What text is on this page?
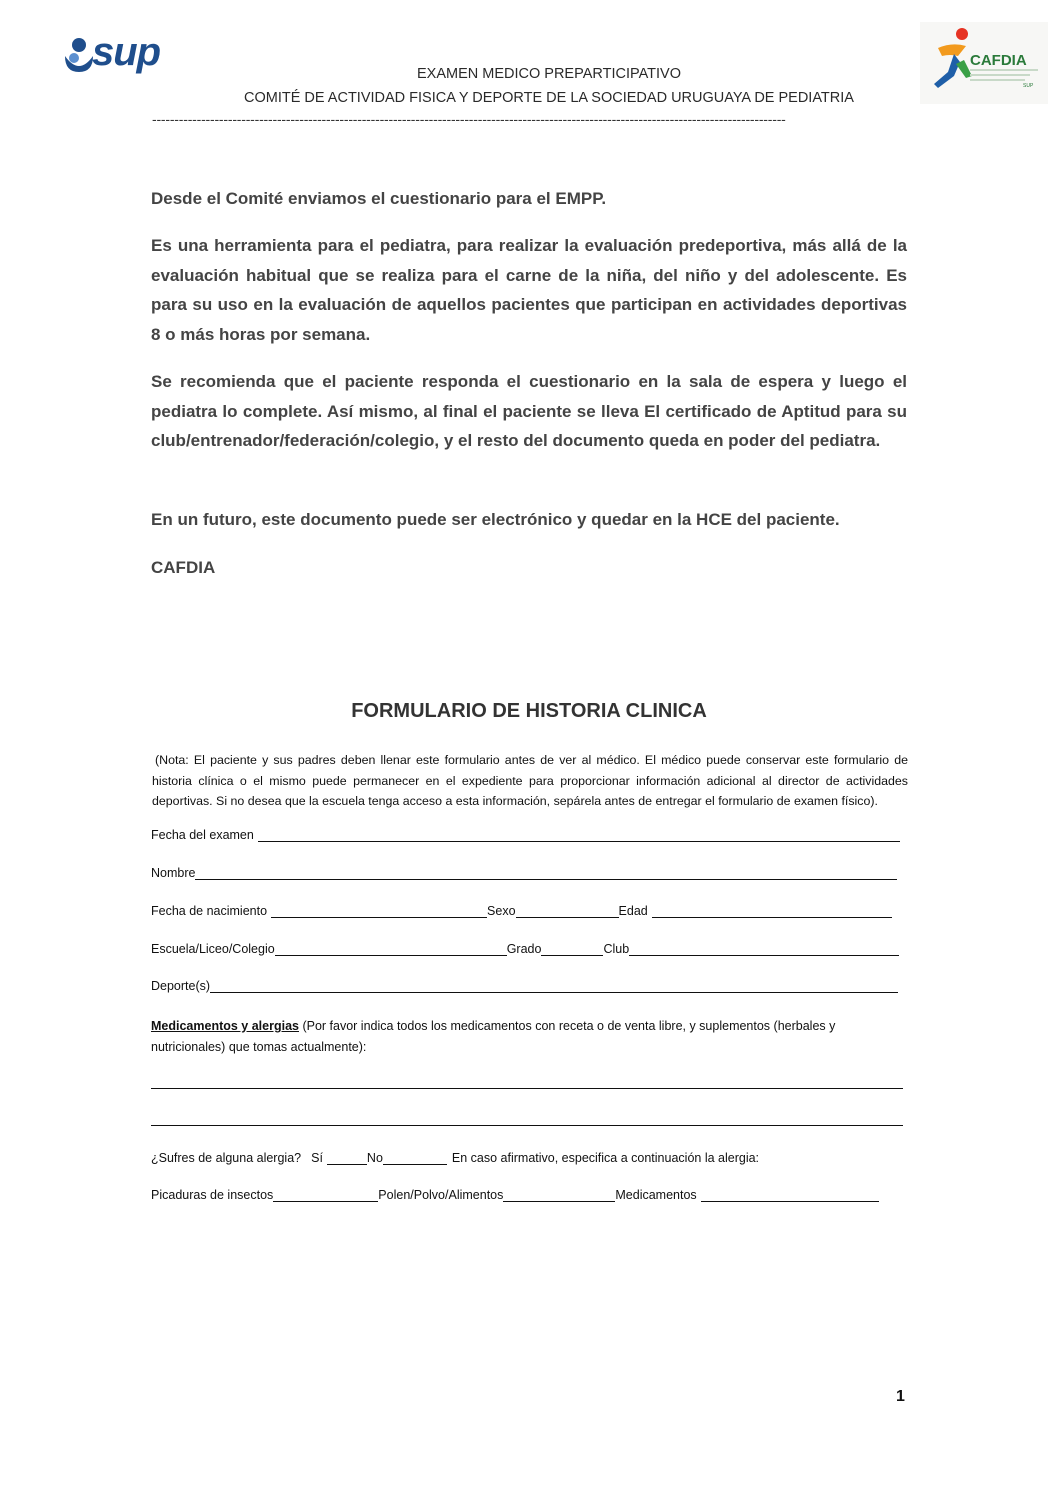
sup	CAFDIA
SUP
EXAMEN MEDICO PREPARTICIPATIVO
COMITÉ DE ACTIVIDAD FISICA Y DEPORTE DE LA SOCIEDAD URUGUAYA DE PEDIATRIA
----------------------------------------------------------------------------------------------------------------------------------------------
Desde el Comité enviamos el cuestionario para el EMPP.
Es una herramienta para el pediatra, para realizar la evaluación predeportiva, más allá de la evaluación habitual que se realiza para el carne de la niña, del niño y del adolescente. Es para su uso en la evaluación de aquellos pacientes que participan en actividades deportivas 8 o más horas por semana.
Se recomienda que el paciente responda el cuestionario en la sala de espera y luego el pediatra lo complete. Así mismo, al final el paciente se lleva El certificado de Aptitud para su club/entrenador/federación/colegio, y el resto del documento queda en poder del pediatra.
En un futuro, este documento puede ser electrónico y quedar en la HCE del paciente.
CAFDIA
FORMULARIO DE HISTORIA CLINICA
(Nota: El paciente y sus padres deben llenar este formulario antes de ver al médico. El médico puede conservar este formulario de historia clínica o el mismo puede permanecer en el expediente para proporcionar información adicional al director de actividades deportivas. Si no desea que la escuela tenga acceso a esta información, sepárela antes de entregar el formulario de examen físico).
Fecha del examen
Nombre
Fecha de nacimiento	Sexo	Edad
Escuela/Liceo/Colegio	Grado	Club
Deporte(s)
Medicamentos y alergias (Por favor indica todos los medicamentos con receta o de venta libre, y suplementos (herbales y nutricionales) que tomas actualmente):
¿Sufres de alguna alergia? Sí	No	En caso afirmativo, especifica a continuación la alergia:
Picaduras de insectos	Polen/Polvo/Alimentos	Medicamentos
1
